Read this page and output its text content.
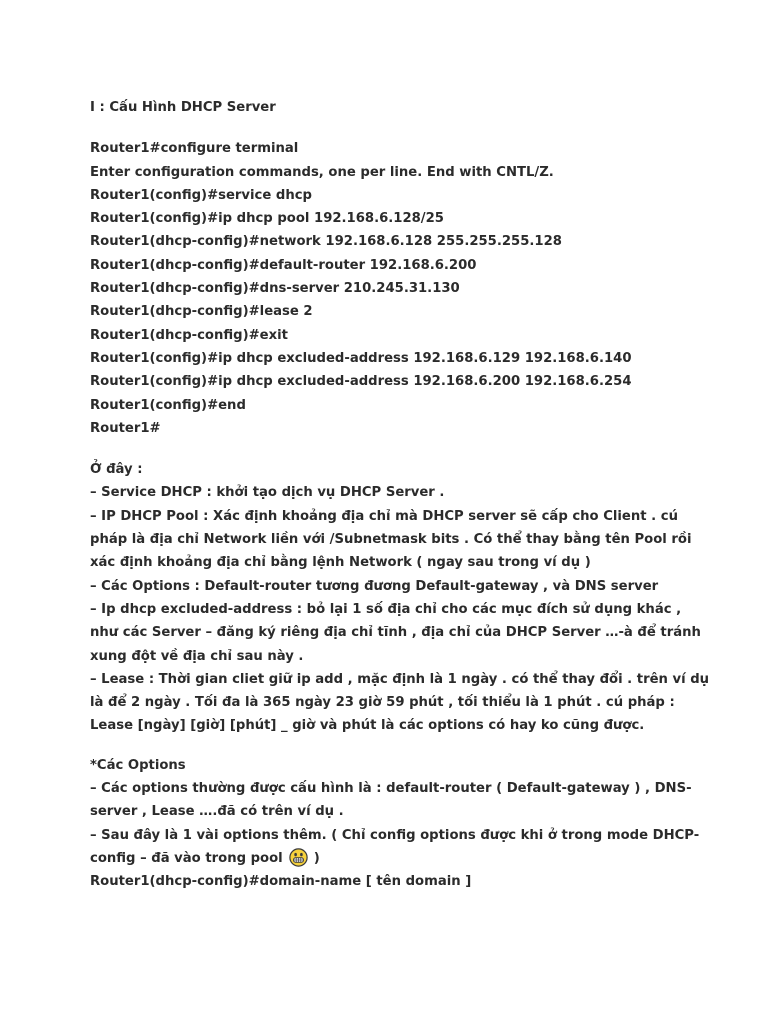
I : Cấu Hình DHCP Server
Router1#configure terminal
Enter configuration commands, one per line. End with CNTL/Z.
Router1(config)#service dhcp
Router1(config)#ip dhcp pool 192.168.6.128/25
Router1(dhcp-config)#network 192.168.6.128 255.255.255.128
Router1(dhcp-config)#default-router 192.168.6.200
Router1(dhcp-config)#dns-server 210.245.31.130
Router1(dhcp-config)#lease 2
Router1(dhcp-config)#exit
Router1(config)#ip dhcp excluded-address 192.168.6.129 192.168.6.140
Router1(config)#ip dhcp excluded-address 192.168.6.200 192.168.6.254
Router1(config)#end
Router1#
Ở đây :
– Service DHCP : khởi tạo dịch vụ DHCP Server .
– IP DHCP Pool : Xác định khoảng địa chỉ mà DHCP server sẽ cấp cho Client . cú pháp là địa chỉ Network liền với /Subnetmask bits . Có thể thay bằng tên Pool rồi xác định khoảng địa chỉ bằng lệnh Network ( ngay sau trong ví dụ )
– Các Options : Default-router tương đương Default-gateway , và DNS server
– Ip dhcp excluded-address : bỏ lại 1 số địa chỉ cho các mục đích sử dụng khác , như các Server – đăng ký riêng địa chỉ tĩnh , địa chỉ của DHCP Server …-à để tránh xung đột về địa chỉ sau này .
– Lease : Thời gian cliet giữ ip add , mặc định là 1 ngày . có thể thay đổi . trên ví dụ là để 2 ngày . Tối đa là 365 ngày 23 giờ 59 phút , tối thiểu là 1 phút . cú pháp : Lease [ngày] [giờ] [phút] _ giờ và phút là các options có hay ko cũng được.
*Các Options
– Các options thường được cấu hình là : default-router ( Default-gateway ) , DNS-server , Lease ….đã có trên ví dụ .
– Sau đây là 1 vài options thêm. ( Chỉ config options được khi ở trong mode DHCP-config – đã vào trong pool )
Router1(dhcp-config)#domain-name [ tên domain ]
